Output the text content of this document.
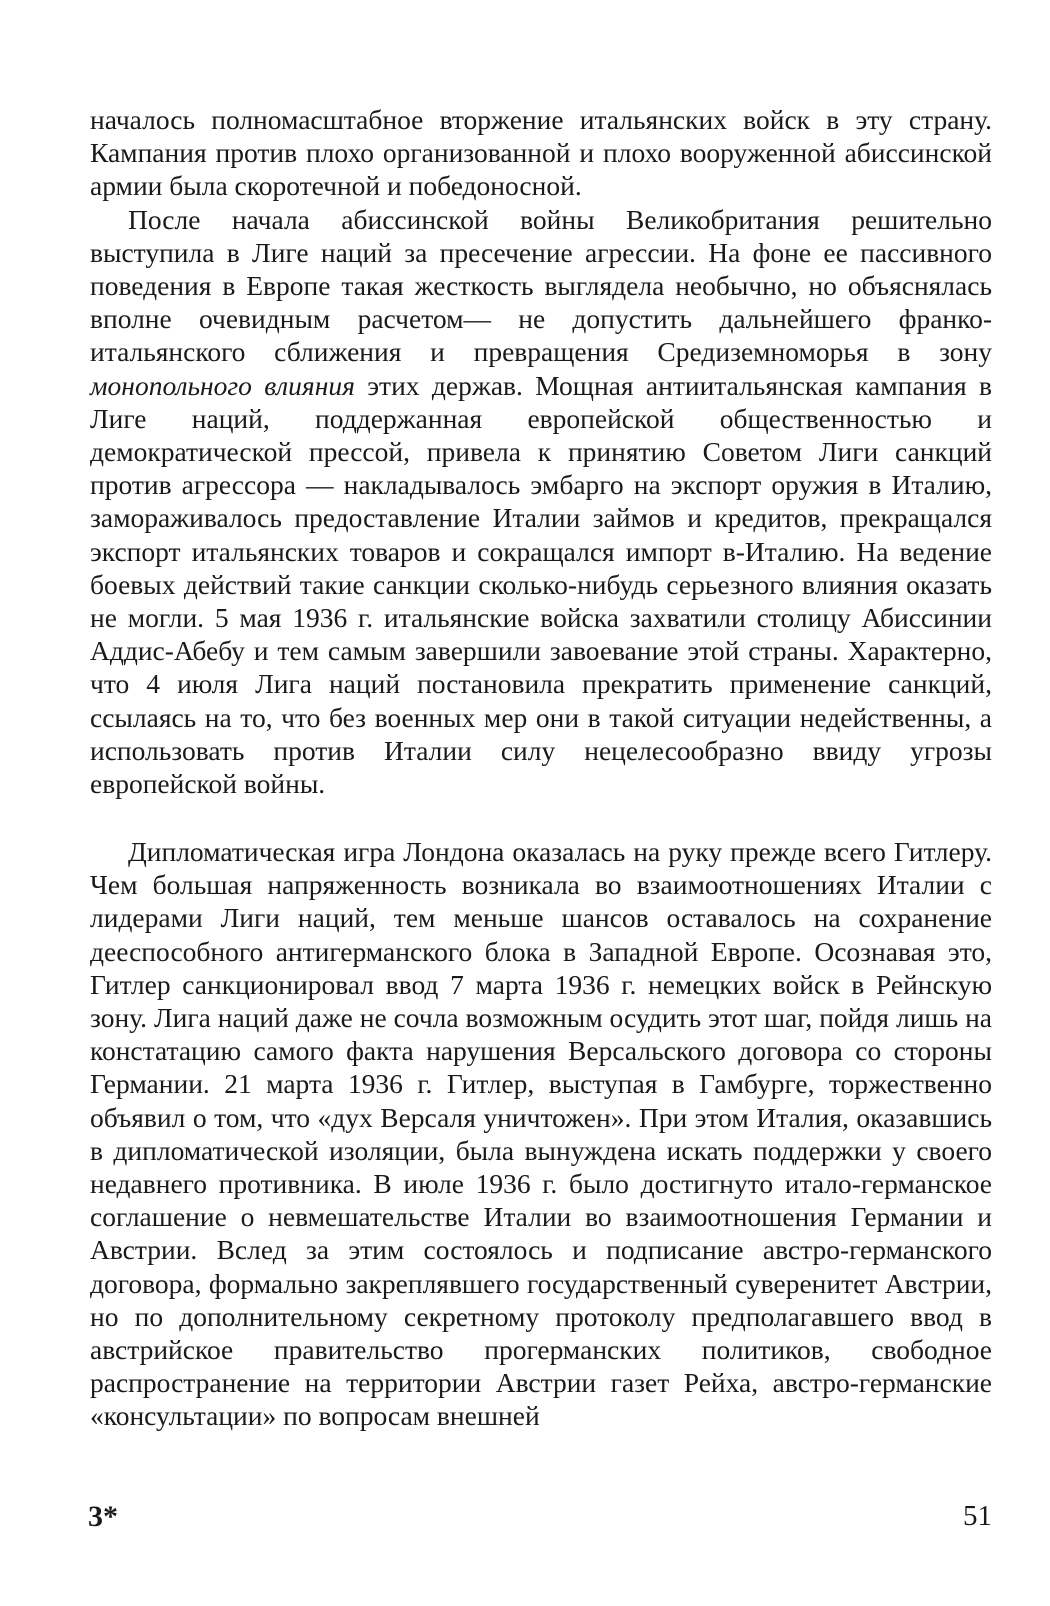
началось полномасштабное вторжение итальянских войск в эту страну. Кампания против плохо организованной и плохо вооруженной абиссинской армии была скоротечной и победоносной.

После начала абиссинской войны Великобритания решительно выступила в Лиге наций за пресечение агрессии. На фоне ее пассивного поведения в Европе такая жесткость выглядела необычно, но объяснялась вполне очевидным расчетом— не допустить дальнейшего франко-итальянского сближения и превращения Средиземноморья в зону монопольного влияния этих держав. Мощная антиитальянская кампания в Лиге наций, поддержанная европейской общественностью и демократической прессой, привела к принятию Советом Лиги санкций против агрессора — накладывалось эмбарго на экспорт оружия в Италию, замораживалось предоставление Италии займов и кредитов, прекращался экспорт итальянских товаров и сокращался импорт в-Италию. На ведение боевых действий такие санкции сколько-нибудь серьезного влияния оказать не могли. 5 мая 1936 г. итальянские войска захватили столицу Абиссинии Аддис-Абебу и тем самым завершили завоевание этой страны. Характерно, что 4 июля Лига наций постановила прекратить применение санкций, ссылаясь на то, что без военных мер они в такой ситуации недейственны, а использовать против Италии силу нецелесообразно ввиду угрозы европейской войны.

Дипломатическая игра Лондона оказалась на руку прежде всего Гитлеру. Чем большая напряженность возникала во взаимоотношениях Италии с лидерами Лиги наций, тем меньше шансов оставалось на сохранение дееспособного антигерманского блока в Западной Европе. Осознавая это, Гитлер санкционировал ввод 7 марта 1936 г. немецких войск в Рейнскую зону. Лига наций даже не сочла возможным осудить этот шаг, пойдя лишь на констатацию самого факта нарушения Версальского договора со стороны Германии. 21 марта 1936 г. Гитлер, выступая в Гамбурге, торжественно объявил о том, что «дух Версаля уничтожен». При этом Италия, оказавшись в дипломатической изоляции, была вынуждена искать поддержки у своего недавнего противника. В июле 1936 г. было достигнуто итало-германское соглашение о невмешательстве Италии во взаимоотношения Германии и Австрии. Вслед за этим состоялось и подписание австро-германского договора, формально закреплявшего государственный суверенитет Австрии, но по дополнительному секретному протоколу предполагавшего ввод в австрийское правительство прогерманских политиков, свободное распространение на территории Австрии газет Рейха, австро-германские «консультации» по вопросам внешней

3*	51
